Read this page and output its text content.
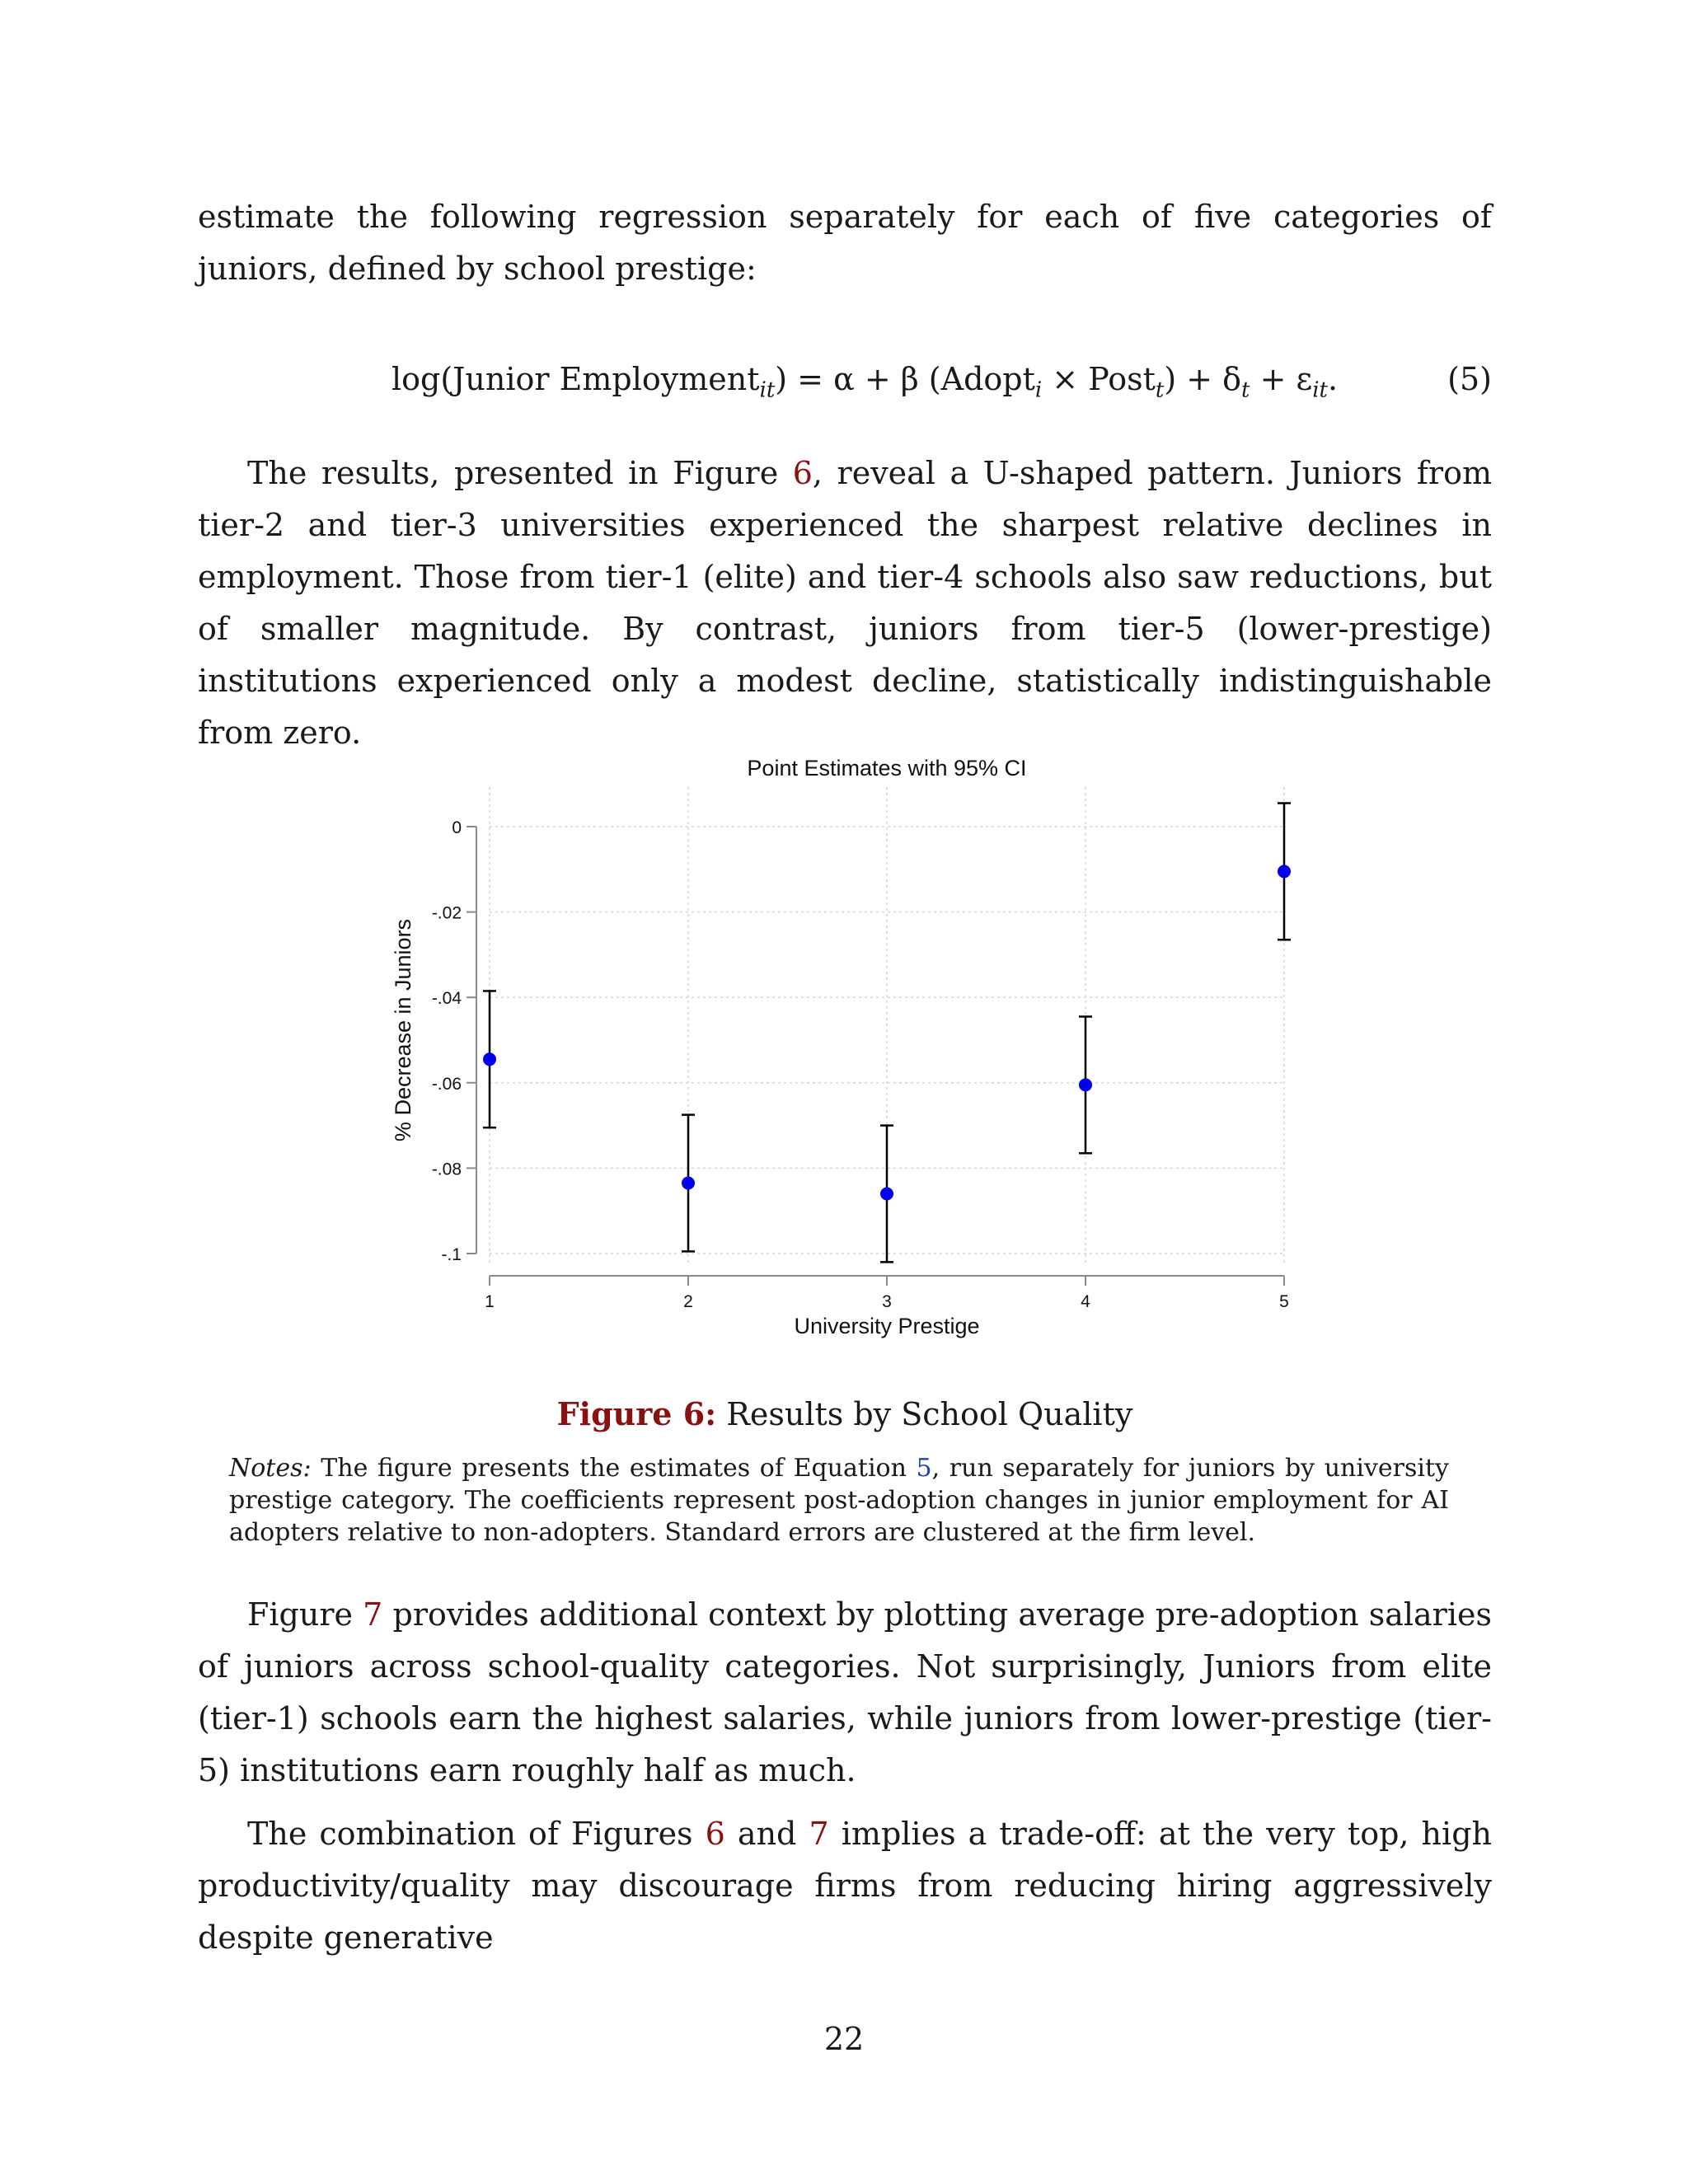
estimate the following regression separately for each of five categories of juniors, defined by school prestige:

log(Junior Employment$_{it}$) = α + β (Adopt$_i$ × Post$_t$) + $\delta_t + \varepsilon_{it}$.	(5)

The results, presented in Figure 6, reveal a U-shaped pattern. Juniors from tier-2 and tier-3 universities experienced the sharpest relative declines in employment. Those from tier-1 (elite) and tier-4 schools also saw reductions, but of smaller magnitude. By contrast, juniors from tier-5 (lower-prestige) institutions experienced only a modest decline, statistically indistinguishable from zero.

Point Estimates with 95% CI
0
-.02
-.04
-.06
-.08
-.1
1	2	3	4	5
University Prestige
% Decrease in Juniors
Figure 6: Results by School Quality
Notes: The figure presents the estimates of Equation 5, run separately for juniors by university prestige category. The coefficients represent post-adoption changes in junior employment for AI adopters relative to non-adopters. Standard errors are clustered at the firm level.

Figure 7 provides additional context by plotting average pre-adoption salaries of juniors across school-quality categories. Not surprisingly, Juniors from elite (tier-1) schools earn the highest salaries, while juniors from lower-prestige (tier-5) institutions earn roughly half as much.

The combination of Figures 6 and 7 implies a trade-off: at the very top, high productivity/quality may discourage firms from reducing hiring aggressively despite generative

22
